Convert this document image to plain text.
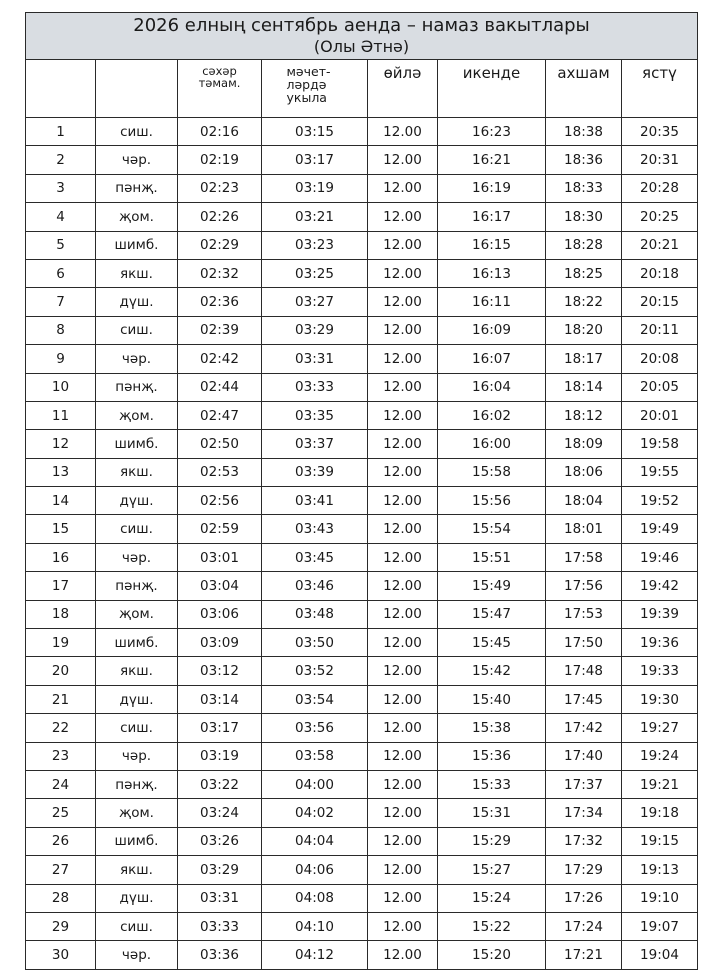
2026 елның сентябрь аенда – намаз вакытлары
(Олы Әтнә)							

		сәхәр тәмам.	мәчет-ләрдә укыла	өйлә	икенде	ахшам	ястү
1	сиш.	02:16	03:15	12.00	16:23	18:38	20:35
2	чәр.	02:19	03:17	12.00	16:21	18:36	20:31
3	пәнҗ.	02:23	03:19	12.00	16:19	18:33	20:28
4	җом.	02:26	03:21	12.00	16:17	18:30	20:25
5	шимб.	02:29	03:23	12.00	16:15	18:28	20:21
6	якш.	02:32	03:25	12.00	16:13	18:25	20:18
7	дүш.	02:36	03:27	12.00	16:11	18:22	20:15
8	сиш.	02:39	03:29	12.00	16:09	18:20	20:11
9	чәр.	02:42	03:31	12.00	16:07	18:17	20:08
10	пәнҗ.	02:44	03:33	12.00	16:04	18:14	20:05
11	җом.	02:47	03:35	12.00	16:02	18:12	20:01
12	шимб.	02:50	03:37	12.00	16:00	18:09	19:58
13	якш.	02:53	03:39	12.00	15:58	18:06	19:55
14	дүш.	02:56	03:41	12.00	15:56	18:04	19:52
15	сиш.	02:59	03:43	12.00	15:54	18:01	19:49
16	чәр.	03:01	03:45	12.00	15:51	17:58	19:46
17	пәнҗ.	03:04	03:46	12.00	15:49	17:56	19:42
18	җом.	03:06	03:48	12.00	15:47	17:53	19:39
19	шимб.	03:09	03:50	12.00	15:45	17:50	19:36
20	якш.	03:12	03:52	12.00	15:42	17:48	19:33
21	дүш.	03:14	03:54	12.00	15:40	17:45	19:30
22	сиш.	03:17	03:56	12.00	15:38	17:42	19:27
23	чәр.	03:19	03:58	12.00	15:36	17:40	19:24
24	пәнҗ.	03:22	04:00	12.00	15:33	17:37	19:21
25	җом.	03:24	04:02	12.00	15:31	17:34	19:18
26	шимб.	03:26	04:04	12.00	15:29	17:32	19:15
27	якш.	03:29	04:06	12.00	15:27	17:29	19:13
28	дүш.	03:31	04:08	12.00	15:24	17:26	19:10
29	сиш.	03:33	04:10	12.00	15:22	17:24	19:07
30	чәр.	03:36	04:12	12.00	15:20	17:21	19:04
